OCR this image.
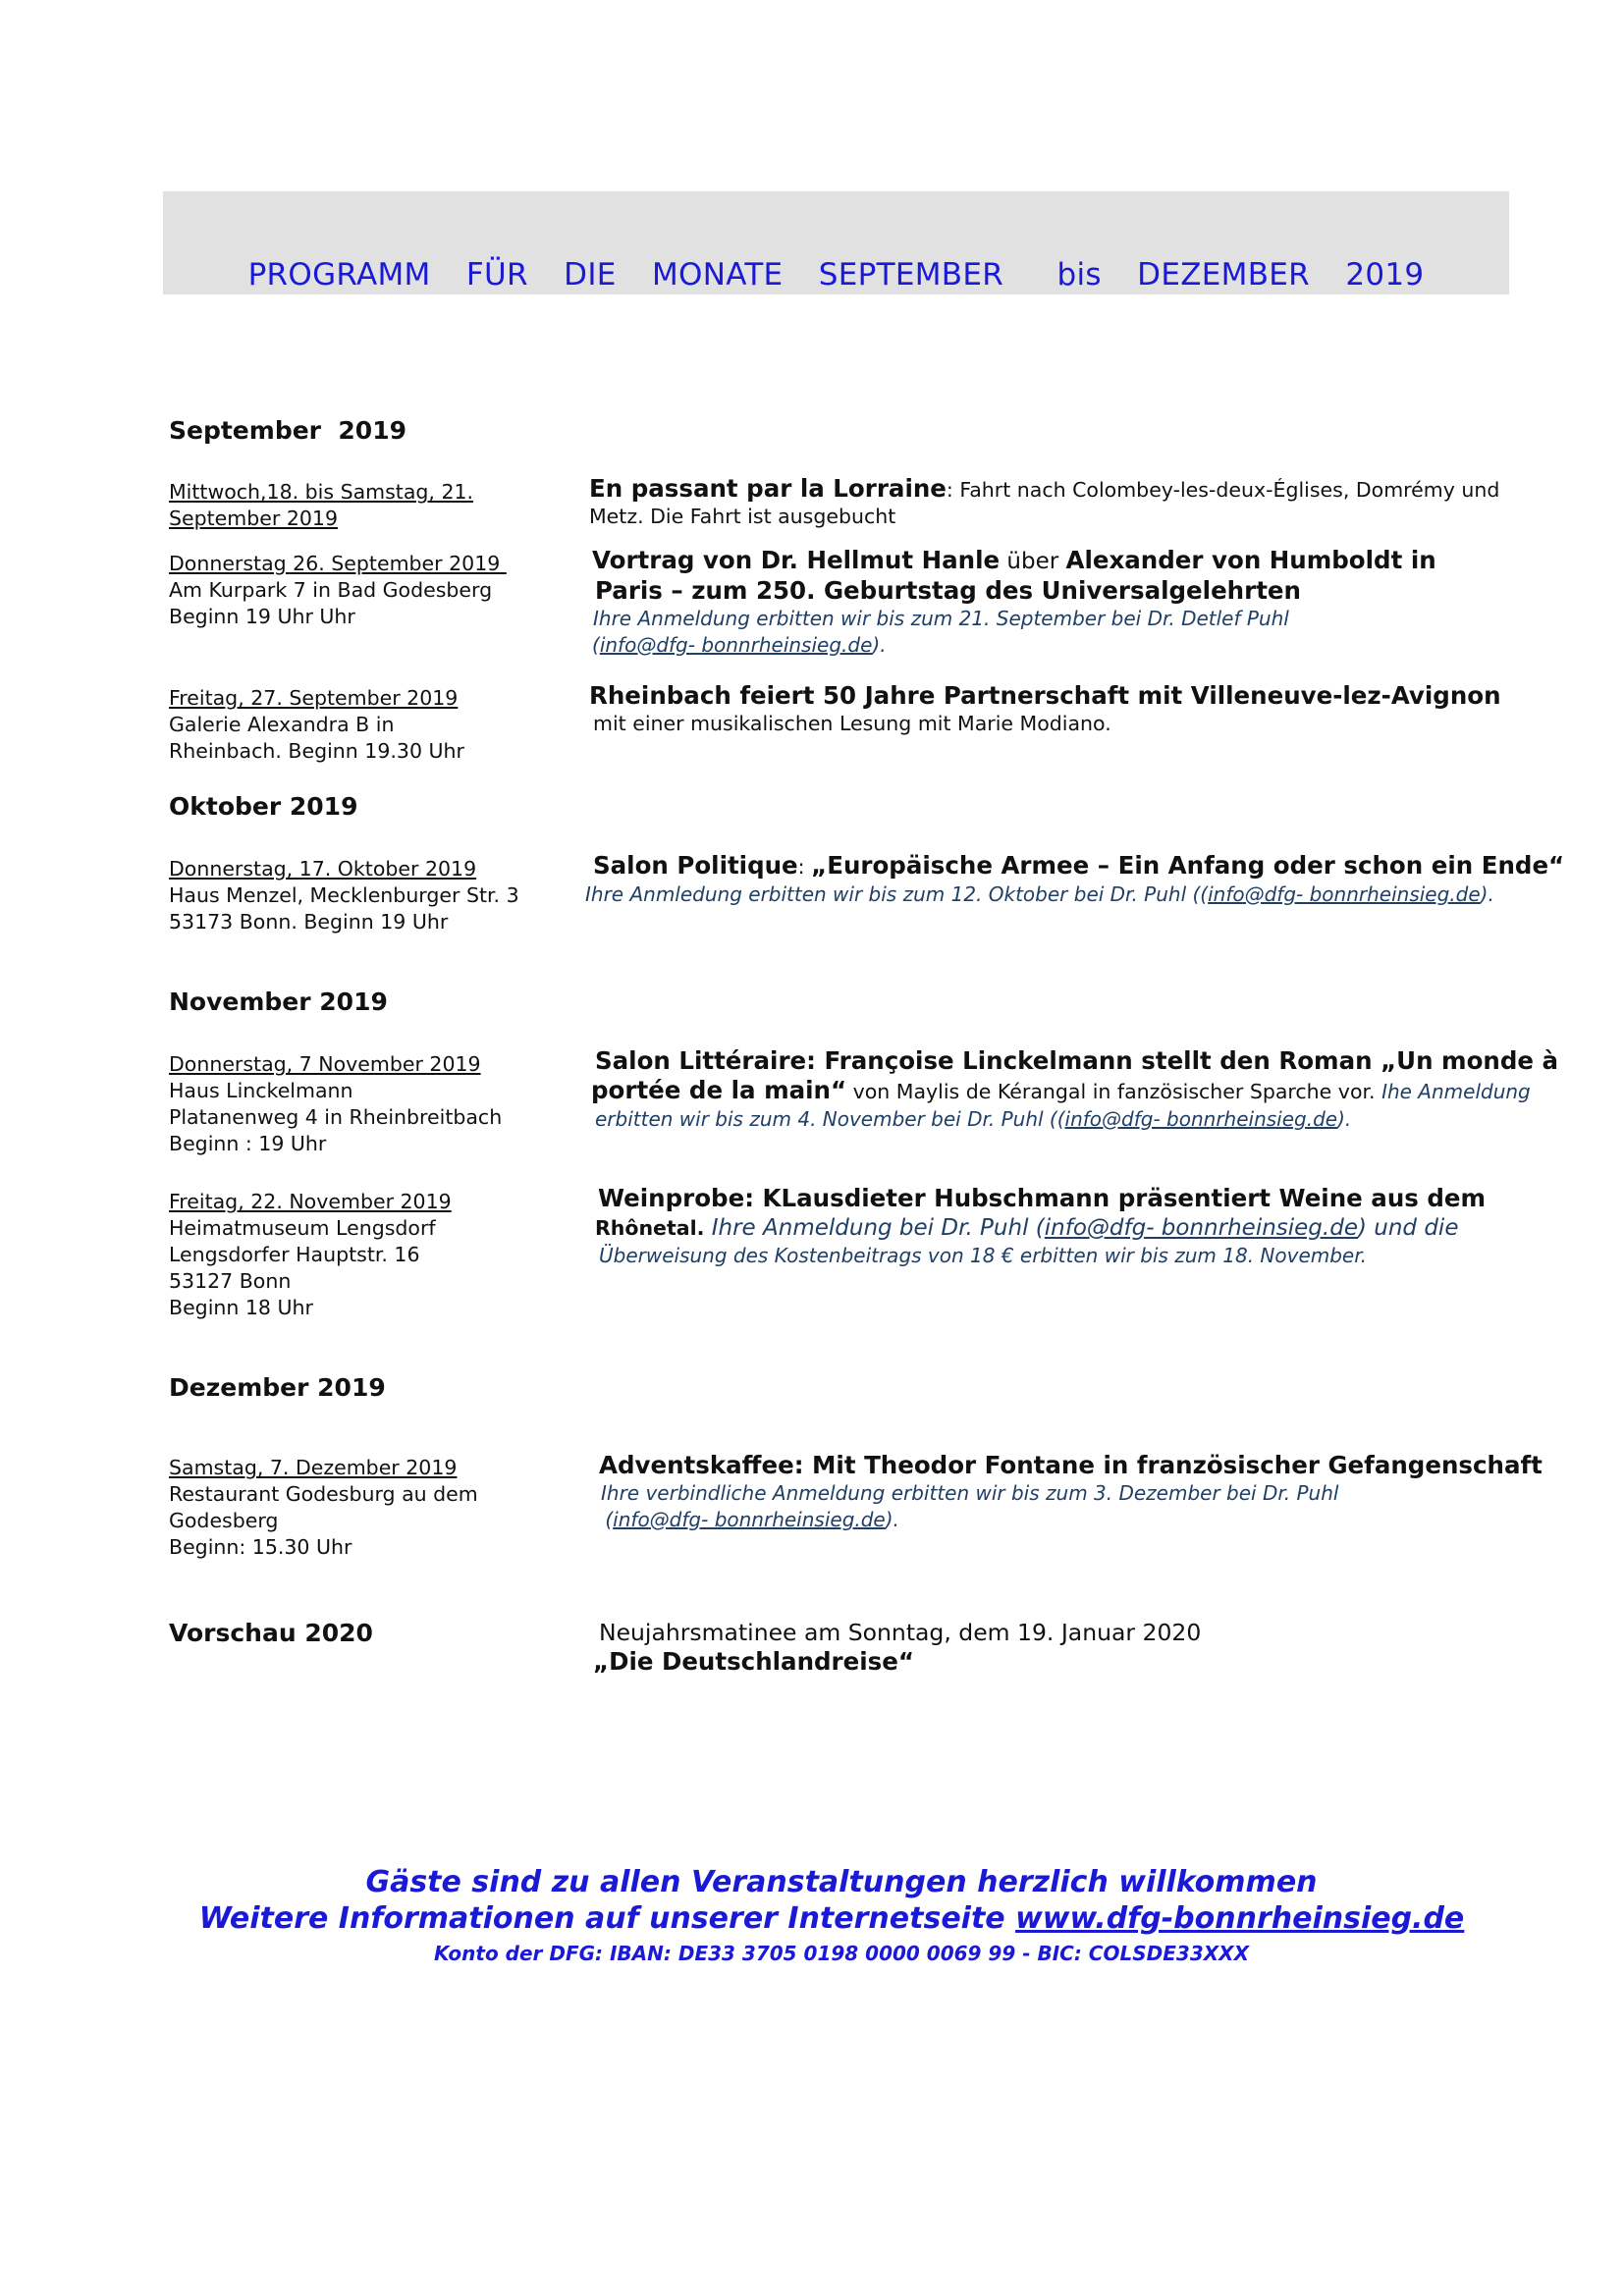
PROGRAMM  FÜR  DIE  MONATE  SEPTEMBER   bis  DEZEMBER  2019
September  2019
Mittwoch,18. bis Samstag, 21.
September 2019
En passant par la Lorraine: Fahrt nach Colombey-les-deux-Églises, Domrémy und
Metz. Die Fahrt ist ausgebucht
Donnerstag 26. September 2019
Am Kurpark 7 in Bad Godesberg
Beginn 19 Uhr Uhr
Vortrag von Dr. Hellmut Hanle über Alexander von Humboldt in
Paris – zum 250. Geburtstag des Universalgelehrten
Ihre Anmeldung erbitten wir bis zum 21. September bei Dr. Detlef Puhl
(info@dfg- bonnrheinsieg.de).
Freitag, 27. September 2019
Galerie Alexandra B in
Rheinbach. Beginn 19.30 Uhr
Rheinbach feiert 50 Jahre Partnerschaft mit Villeneuve-lez-Avignon
mit einer musikalischen Lesung mit Marie Modiano.
Oktober 2019
Donnerstag, 17. Oktober 2019
Haus Menzel, Mecklenburger Str. 3
53173 Bonn. Beginn 19 Uhr
Salon Politique: „Europäische Armee – Ein Anfang oder schon ein Ende“
Ihre Anmledung erbitten wir bis zum 12. Oktober bei Dr. Puhl ((info@dfg- bonnrheinsieg.de).
November 2019
Donnerstag, 7 November 2019
Haus Linckelmann
Platanenweg 4 in Rheinbreitbach
Beginn : 19 Uhr
Salon Littéraire: Françoise Linckelmann stellt den Roman „Un monde à
portée de la main“ von Maylis de Kérangal in fanzösischer Sparche vor. Ihe Anmeldung
erbitten wir bis zum 4. November bei Dr. Puhl ((info@dfg- bonnrheinsieg.de).
Freitag, 22. November 2019
Heimatmuseum Lengsdorf
Lengsdorfer Hauptstr. 16
53127 Bonn
Beginn 18 Uhr
Weinprobe: KLausdieter Hubschmann präsentiert Weine aus dem
Rhônetal. Ihre Anmeldung bei Dr. Puhl (info@dfg- bonnrheinsieg.de) und die
Überweisung des Kostenbeitrags von 18 € erbitten wir bis zum 18. November.
Dezember 2019
Samstag, 7. Dezember 2019
Restaurant Godesburg au dem
Godesberg
Beginn: 15.30 Uhr
Adventskaffee: Mit Theodor Fontane in französischer Gefangenschaft
Ihre verbindliche Anmeldung erbitten wir bis zum 3. Dezember bei Dr. Puhl
(info@dfg- bonnrheinsieg.de).
Vorschau 2020	Neujahrsmatinee am Sonntag, dem 19. Januar 2020
„Die Deutschlandreise“
Gäste sind zu allen Veranstaltungen herzlich willkommen
Weitere Informationen auf unserer Internetseite www.dfg-bonnrheinsieg.de
Konto der DFG: IBAN: DE33 3705 0198 0000 0069 99 - BIC: COLSDE33XXX
